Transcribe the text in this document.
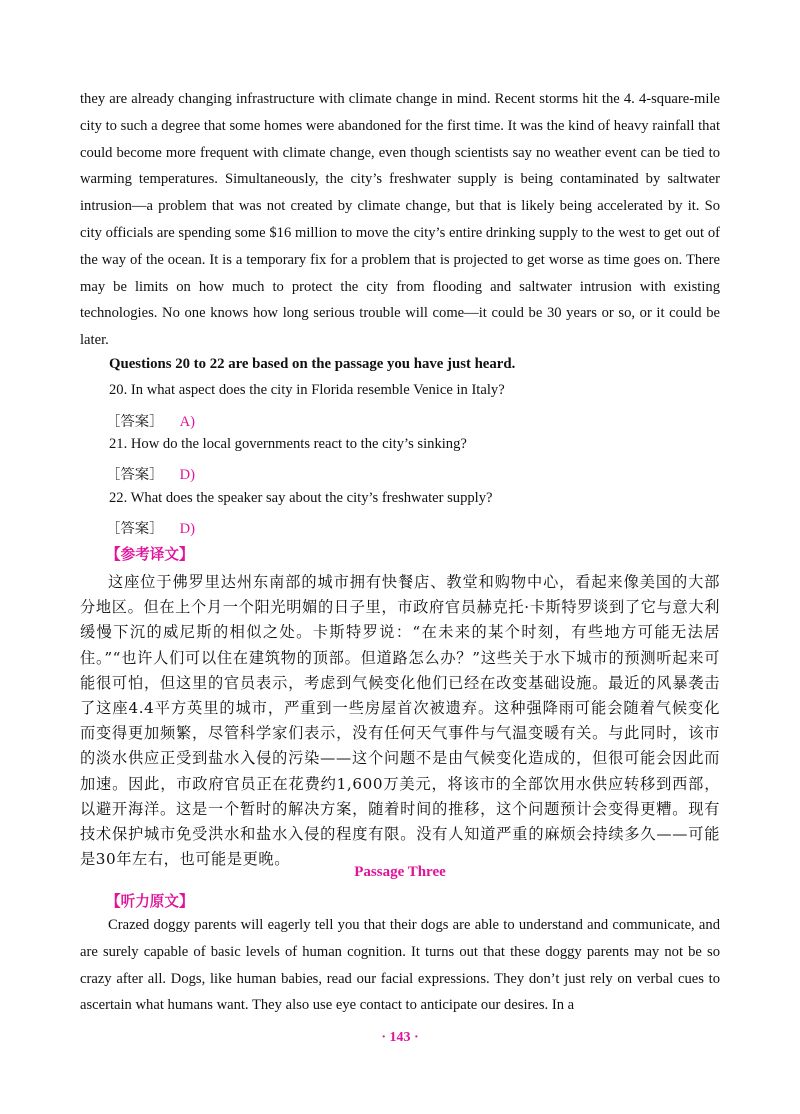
they are already changing infrastructure with climate change in mind. Recent storms hit the 4. 4-square-mile city to such a degree that some homes were abandoned for the first time. It was the kind of heavy rainfall that could become more frequent with climate change, even though scientists say no weather event can be tied to warming temperatures. Simultaneously, the city’s freshwater supply is being contaminated by saltwater intrusion—a problem that was not created by climate change, but that is likely being accelerated by it. So city officials are spending some $16 million to move the city’s entire drinking supply to the west to get out of the way of the ocean. It is a temporary fix for a problem that is projected to get worse as time goes on. There may be limits on how much to protect the city from flooding and saltwater intrusion with existing technologies. No one knows how long serious trouble will come—it could be 30 years or so, or it could be later.
Questions 20 to 22 are based on the passage you have just heard.
20. In what aspect does the city in Florida resemble Venice in Italy?
［答案］ A)
21. How do the local governments react to the city’s sinking?
［答案］ D)
22. What does the speaker say about the city’s freshwater supply?
［答案］ D)
【参考译文】
这座位于佛罗里达州东南部的城市拥有快餐店、教堂和购物中心，看起来像美国的大部分地区。但在上个月一个阳光明媚的日子里，市政府官员赫克托·卡斯特罗谈到了它与意大利缓慢下沉的威尼斯的相似之处。卡斯特罗说：“在未来的某个时刻，有些地方可能无法居住。”“也许人们可以住在建筑物的顶部。但道路怎么办？”这些关于水下城市的预测听起来可能很可怕，但这里的官员表示，考虑到气候变化他们已经在改变基础设施。最近的风暴袭击了这座4.4平方英里的城市，严重到一些房屋首次被遗弃。这种强降雨可能会随着气候变化而变得更加频繁，尽管科学家们表示，没有任何天气事件与气温变暖有关。与此同时，该市的淡水供应正受到盐水入侵的污染——这个问题不是由气候变化造成的，但很可能会因此而加速。因此，市政府官员正在花费约1,600万美元，将该市的全部饮用水供应转移到西部，以避开海洋。这是一个暂时的解决方案，随着时间的推移，这个问题预计会变得更糟。现有技术保护城市免受洪水和盐水入侵的程度有限。没有人知道严重的麻烦会持续多久——可能是30年左右，也可能是更晚。
Passage Three
【听力原文】
Crazed doggy parents will eagerly tell you that their dogs are able to understand and communicate, and are surely capable of basic levels of human cognition. It turns out that these doggy parents may not be so crazy after all. Dogs, like human babies, read our facial expressions. They don’t just rely on verbal cues to ascertain what humans want. They also use eye contact to anticipate our desires. In a
· 143 ·
